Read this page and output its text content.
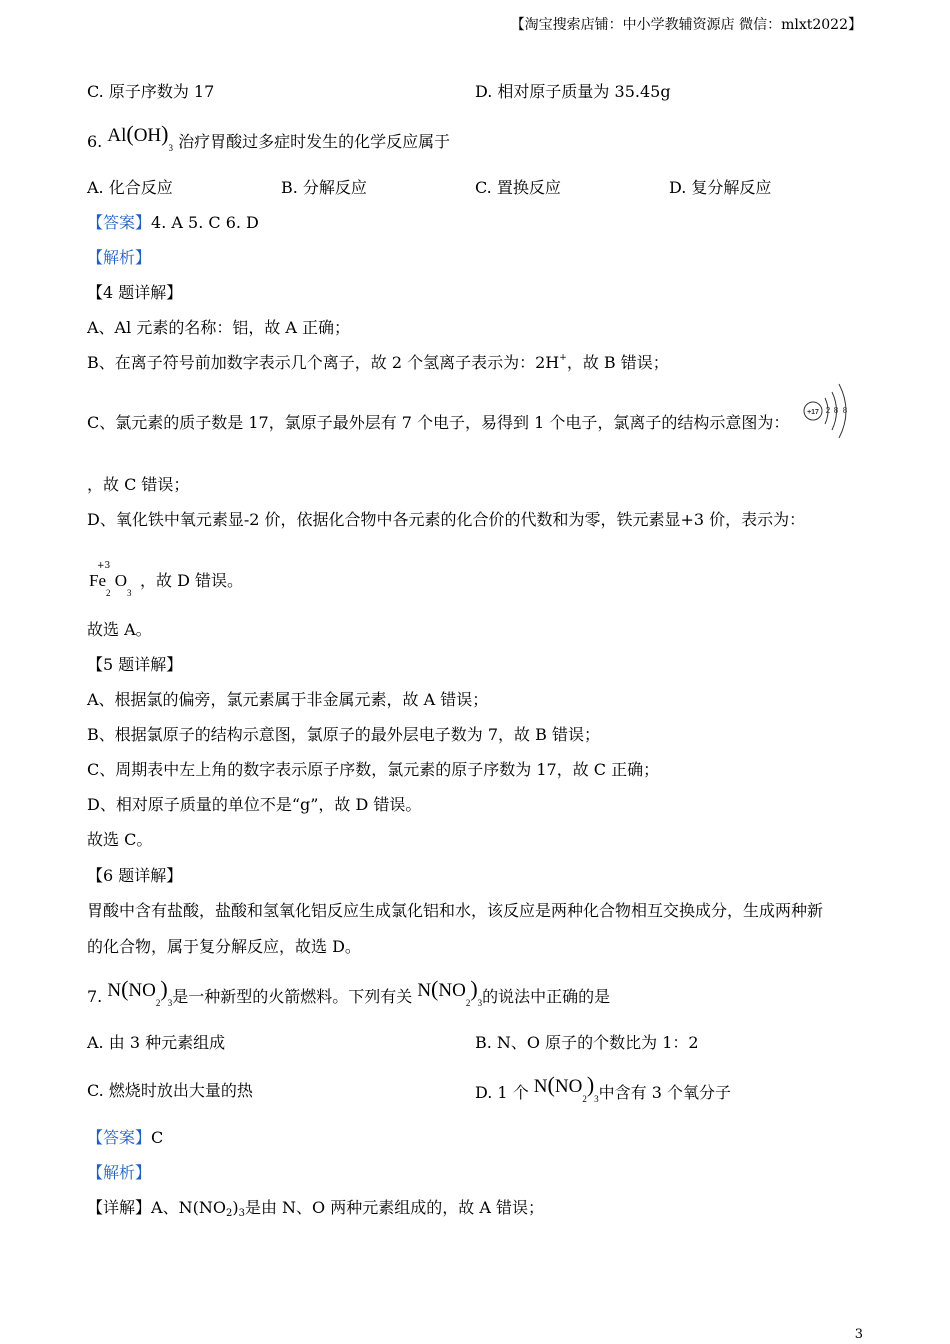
【淘宝搜索店铺：中小学教辅资源店 微信：mlxt2022】
C. 原子序数为 17	D. 相对原子质量为 35.45g
6. $Al(OH)_3$ 治疗胃酸过多症时发生的化学反应属于
A. 化合反应	B. 分解反应	C. 置换反应	D. 复分解反应
【答案】4. A 5. C 6. D
【解析】
【4 题详解】
A、Al 元素的名称：铝，故 A 正确；
B、在离子符号前加数字表示几个离子，故 2 个氢离子表示为：2H+，故 B 错误；
C、氯元素的质子数是 17，氯原子最外层有 7 个电子，易得到 1 个电子，氯离子的结构示意图为：
+17 2 8 8
，故 C 错误；
D、氧化铁中氧元素显-2 价，依据化合物中各元素的化合价的代数和为零，铁元素显+3 价，表示为：
+3
$Fe_2$ $O_3$
，故 D 错误。
故选 A。
【5 题详解】
A、根据氯的偏旁，氯元素属于非金属元素，故 A 错误；
B、根据氯原子的结构示意图，氯原子的最外层电子数为 7，故 B 错误；
C、周期表中左上角的数字表示原子序数，氯元素的原子序数为 17，故 C 正确；
D、相对原子质量的单位不是“g”，故 D 错误。
故选 C。
【6 题详解】
胃酸中含有盐酸，盐酸和氢氧化铝反应生成氯化铝和水，该反应是两种化合物相互交换成分，生成两种新
的化合物，属于复分解反应，故选 D。
7. $N(NO_2)_3$是一种新型的火箭燃料。下列有关 $N(NO_2)_3$的说法中正确的是
A. 由 3 种元素组成	B. N、O 原子的个数比为 1：2
C. 燃烧时放出大量的热	D. 1 个 $N(NO_2)_3$中含有 3 个氧分子
【答案】C
【解析】
【详解】A、N(NO2)3是由 N、O 两种元素组成的，故 A 错误；
3
